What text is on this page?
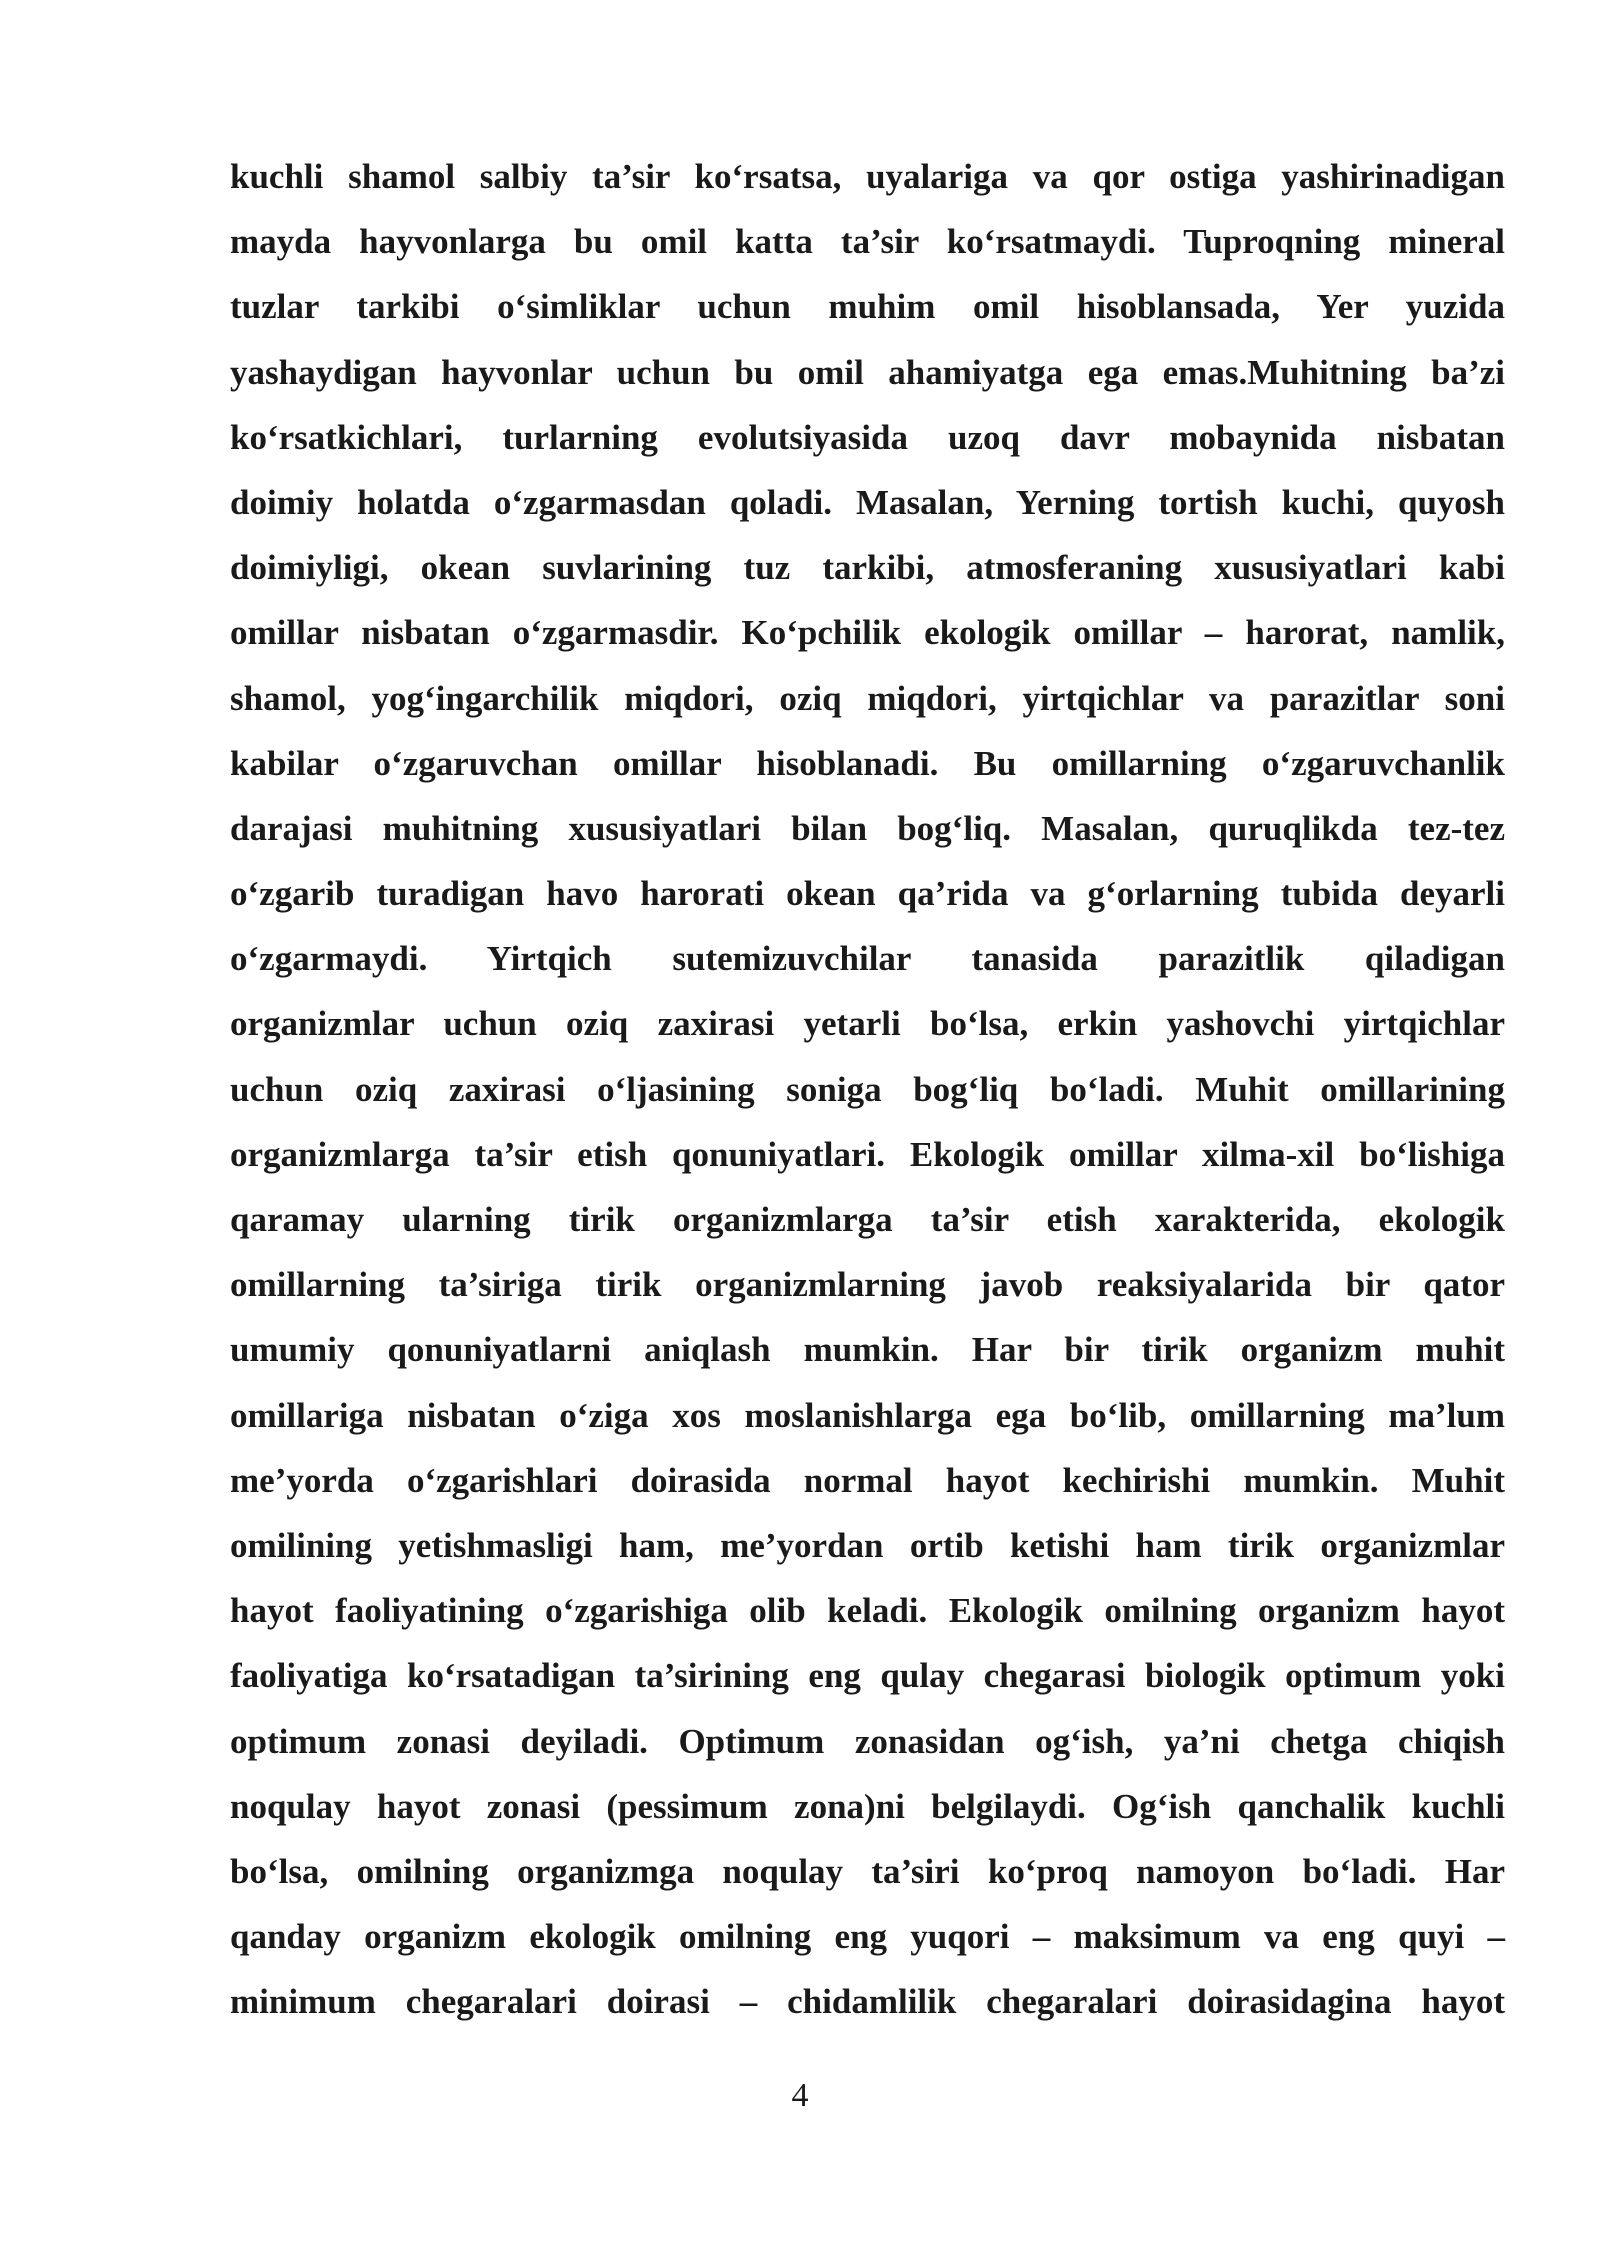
kuchli shamol salbiy ta’sir ko‘rsatsa, uyalariga va qor ostiga yashirinadigan
mayda hayvonlarga bu omil katta ta’sir ko‘rsatmaydi. Tuproqning mineral
tuzlar tarkibi o‘simliklar uchun muhim omil hisoblansada, Yer yuzida
yashaydigan hayvonlar uchun bu omil ahamiyatga ega emas.Muhitning ba’zi
ko‘rsatkichlari, turlarning evolutsiyasida uzoq davr mobaynida nisbatan
doimiy holatda o‘zgarmasdan qoladi. Masalan, Yerning tortish kuchi, quyosh
doimiyligi, okean suvlarining tuz tarkibi, atmosferaning xususiyatlari kabi
omillar nisbatan o‘zgarmasdir. Ko‘pchilik ekologik omillar – harorat, namlik,
shamol, yog‘ingarchilik miqdori, oziq miqdori, yirtqichlar va parazitlar soni
kabilar o‘zgaruvchan omillar hisoblanadi. Bu omillarning o‘zgaruvchanlik
darajasi muhitning xususiyatlari bilan bog‘liq. Masalan, quruqlikda tez-tez
o‘zgarib turadigan havo harorati okean qa’rida va g‘orlarning tubida deyarli
o‘zgarmaydi. Yirtqich sutemizuvchilar tanasida parazitlik qiladigan
organizmlar uchun oziq zaxirasi yetarli bo‘lsa, erkin yashovchi yirtqichlar
uchun oziq zaxirasi o‘ljasining soniga bog‘liq bo‘ladi. Muhit omillarining
organizmlarga ta’sir etish qonuniyatlari. Ekologik omillar xilma-xil bo‘lishiga
qaramay ularning tirik organizmlarga ta’sir etish xarakterida, ekologik
omillarning ta’siriga tirik organizmlarning javob reaksiyalarida bir qator
umumiy qonuniyatlarni aniqlash mumkin. Har bir tirik organizm muhit
omillariga nisbatan o‘ziga xos moslanishlarga ega bo‘lib, omillarning ma’lum
me’yorda o‘zgarishlari doirasida normal hayot kechirishi mumkin. Muhit
omilining yetishmasligi ham, me’yordan ortib ketishi ham tirik organizmlar
hayot faoliyatining o‘zgarishiga olib keladi. Ekologik omilning organizm hayot
faoliyatiga ko‘rsatadigan ta’sirining eng qulay chegarasi biologik optimum yoki
optimum zonasi deyiladi. Optimum zonasidan og‘ish, ya’ni chetga chiqish
noqulay hayot zonasi (pessimum zona)ni belgilaydi. Og‘ish qanchalik kuchli
bo‘lsa, omilning organizmga noqulay ta’siri ko‘proq namoyon bo‘ladi. Har
qanday organizm ekologik omilning eng yuqori – maksimum va eng quyi –
minimum chegaralari doirasi – chidamlilik chegaralari doirasidagina hayot
4
